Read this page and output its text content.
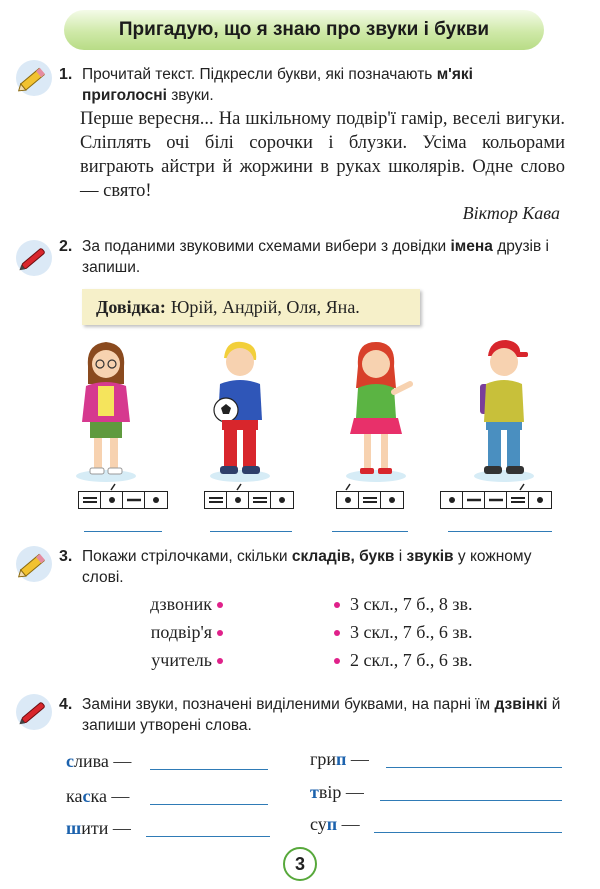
Пригадую, що я знаю про звуки і букви
1. Прочитай текст. Підкресли букви, які позначають м'які приголосні звуки.

Перше вересня... На шкільному подвір'ї гамір, веселі вигуки. Сліплять очі білі сорочки і блузки. Усіма кольорами виграють айстри й жоржини в руках школярів. Одне слово — свято!

Віктор Кава
2. За поданими звуковими схемами вибери з довідки імена друзів і запиши.
Довідка: Юрій, Андрій, Оля, Яна.
3. Покажи стрілочками, скільки складів, букв і звуків у кожному слові.
дзвоник
подвір'я
учитель
3 скл., 7 б., 8 зв.
3 скл., 7 б., 6 зв.
2 скл., 7 б., 6 зв.
4. Заміни звуки, позначені виділеними буквами, на парні їм дзвінкі й запиши утворені слова.
слива —
каска —
шити —
грип —
твір —
суп —
3
